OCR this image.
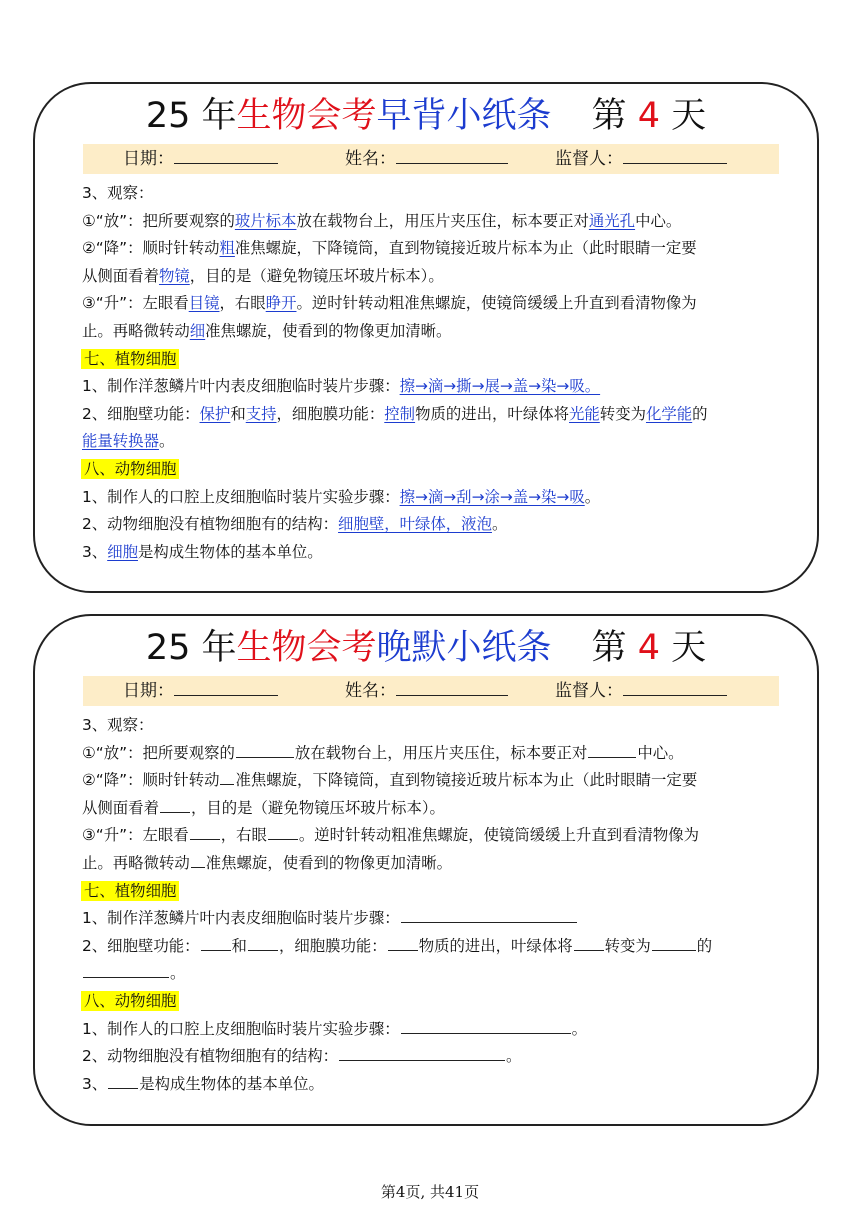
25 年生物会考早背小纸条 第 4 天
日期：	姓名：	监督人：
3、观察：
①“放”：把所要观察的玻片标本放在载物台上，用压片夹压住，标本要正对通光孔中心。
②“降”：顺时针转动粗准焦螺旋，下降镜筒，直到物镜接近玻片标本为止（此时眼睛一定要
从侧面看着物镜，目的是（避免物镜压坏玻片标本）。
③“升”：左眼看目镜，右眼睁开。逆时针转动粗准焦螺旋，使镜筒缓缓上升直到看清物像为
止。再略微转动细准焦螺旋，使看到的物像更加清晰。
七、植物细胞
1、制作洋葱鳞片叶内表皮细胞临时装片步骤：擦→滴→撕→展→盖→染→吸。
2、细胞壁功能：保护和支持，细胞膜功能：控制物质的进出，叶绿体将光能转变为化学能的
能量转换器。
八、动物细胞
1、制作人的口腔上皮细胞临时装片实验步骤：擦→滴→刮→涂→盖→染→吸。
2、动物细胞没有植物细胞有的结构：细胞壁，叶绿体，液泡。
3、细胞是构成生物体的基本单位。
25 年生物会考晚默小纸条 第 4 天
日期：	姓名：	监督人：
3、观察：
①“放”：把所要观察的	放在载物台上，用压片夹压住，标本要正对	中心。
②“降”：顺时针转动 准焦螺旋，下降镜筒，直到物镜接近玻片标本为止（此时眼睛一定要
从侧面看着 ，目的是（避免物镜压坏玻片标本）。
③“升”：左眼看 ，右眼 。逆时针转动粗准焦螺旋，使镜筒缓缓上升直到看清物像为
止。再略微转动 准焦螺旋，使看到的物像更加清晰。
七、植物细胞
1、制作洋葱鳞片叶内表皮细胞临时装片步骤：
2、细胞壁功能： 和 ，细胞膜功能： 物质的进出，叶绿体将 转变为	的
。
八、动物细胞
1、制作人的口腔上皮细胞临时装片实验步骤：	。
2、动物细胞没有植物细胞有的结构：	。
3、 是构成生物体的基本单位。
第4页, 共41页
